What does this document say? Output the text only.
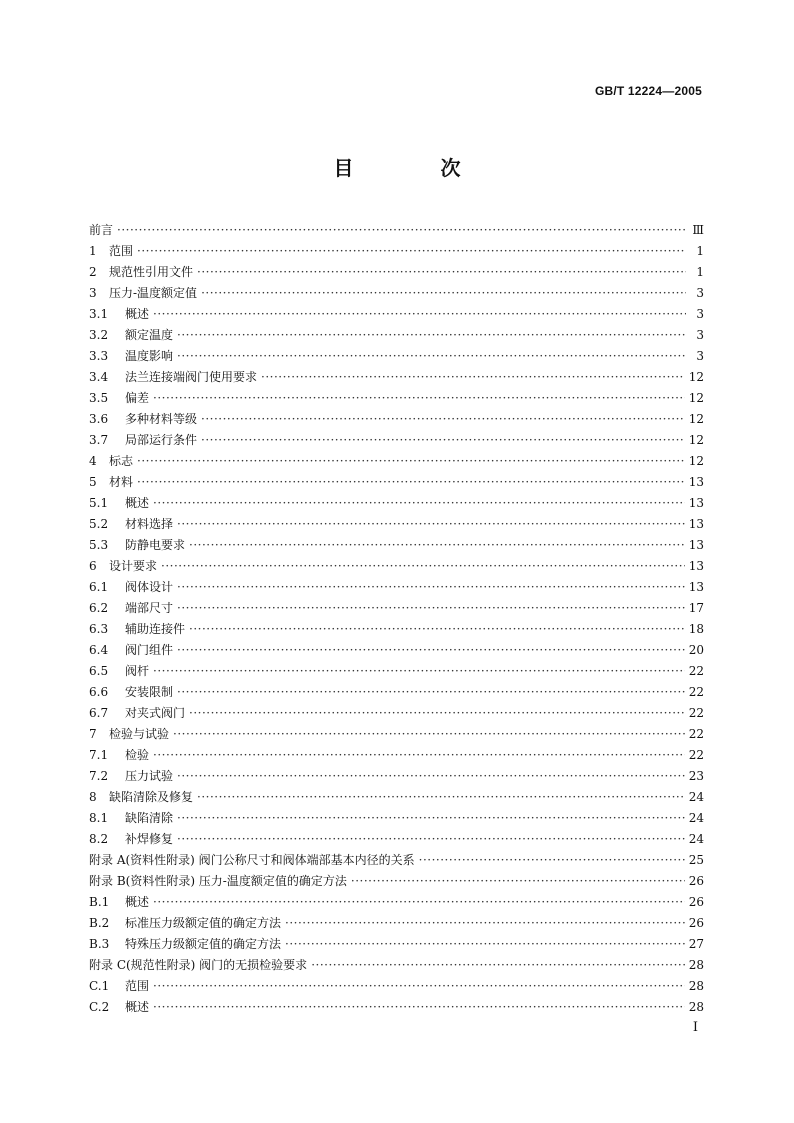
GB/T 12224—2005
目 次
前言 ·····	Ⅲ
1	范围 ·····	1
2	规范性引用文件 ·····	1
3	压力-温度额定值 ·····	3
3.1	概述 ·····	3
3.2	额定温度 ·····	3
3.3	温度影响 ·····	3
3.4	法兰连接端阀门使用要求 ·····	12
3.5	偏差 ·····	12
3.6	多种材料等级 ·····	12
3.7	局部运行条件 ·····	12
4	标志 ·····	12
5	材料 ·····	13
5.1	概述 ·····	13
5.2	材料选择 ·····	13
5.3	防静电要求 ·····	13
6	设计要求 ·····	13
6.1	阀体设计 ·····	13
6.2	端部尺寸 ·····	17
6.3	辅助连接件 ·····	18
6.4	阀门组件 ·····	20
6.5	阀杆 ·····	22
6.6	安装限制 ·····	22
6.7	对夹式阀门 ·····	22
7	检验与试验 ·····	22
7.1	检验 ·····	22
7.2	压力试验 ·····	23
8	缺陷清除及修复 ·····	24
8.1	缺陷清除 ·····	24
8.2	补焊修复 ·····	24
附录 A(资料性附录) 阀门公称尺寸和阀体端部基本内径的关系 ·····	25
附录 B(资料性附录) 压力-温度额定值的确定方法 ·····	26
B.1	概述 ·····	26
B.2	标准压力级额定值的确定方法 ·····	26
B.3	特殊压力级额定值的确定方法 ·····	27
附录 C(规范性附录) 阀门的无损检验要求 ·····	28
C.1	范围 ·····	28
C.2	概述 ·····	28
I
